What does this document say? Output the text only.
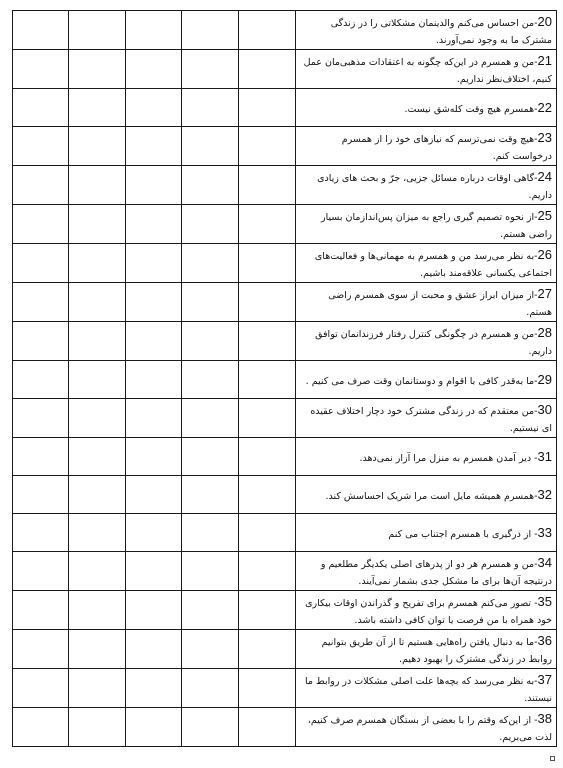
					20-من احساس می‌کنم والدینمان مشکلاتی را در زندگی مشترک ما به وجود نمی‌آورند.
					21-من و همسرم در این‌که چگونه به اعتقادات مذهبی‌مان عمل کنیم، اختلاف‌نظر نداریم.
					22-همسرم هیچ وقت کله‌شق نیست.
					23-هیچ وقت نمی‌ترسم که نیازهای خود را از همسرم درخواست کنم.
					24-گاهی اوقات درباره مسائل جزیی، جرّ و بحث های زیادی داریم.
					25-از نحوه تصمیم گیری راجع به میزان پس‌اندازمان بسیار راضی هستم.
					26-به نظر می‌رسد من و همسرم به مهمانی‌ها و فعالیت‌های اجتماعی یکسانی علاقه‌مند باشیم.
					27-از میزان ابراز عشق و محبت از سوی همسرم راضی هستم.
					28-من و همسرم در چگونگی کنترل رفتار فرزندانمان توافق داریم.
					29-ما به‌قدر کافی با اقوام و دوستانمان وقت صرف می کنیم .
					30-من معتقدم که در زندگی مشترک خود دچار اختلاف عقیده ای نیستیم.
					31- دیر آمدن همسرم به منزل مرا آزار نمی‌دهد.
					32-همسرم همیشه مایل است مرا شریک احساسش کند.
					33- از درگیری با همسرم اجتناب می کنم
					34-من و همسرم هر دو از پدرهای اصلی یکدیگر مطلعیم و درنتیجه آن‌ها برای ما مشکل جدی بشمار نمی‌آیند.
					35- تصور می‌کنم همسرم برای تفریح و گذراندن اوقات بیکاری خود همراه با من فرصت یا توان کافی داشته باشد.
					36-ما به دنبال یافتن راه‌هایی هستیم تا از آن طریق بتوانیم روابط در زندگی مشترک را بهبود دهیم.
					37-به نظر می‌رسد که بچه‌ها علت اصلی مشکلات در روابط ما نیستند.
					38- از این‌که وقتم را با بعضی از بستگان همسرم صرف کنیم، لذت می‌بریم.
